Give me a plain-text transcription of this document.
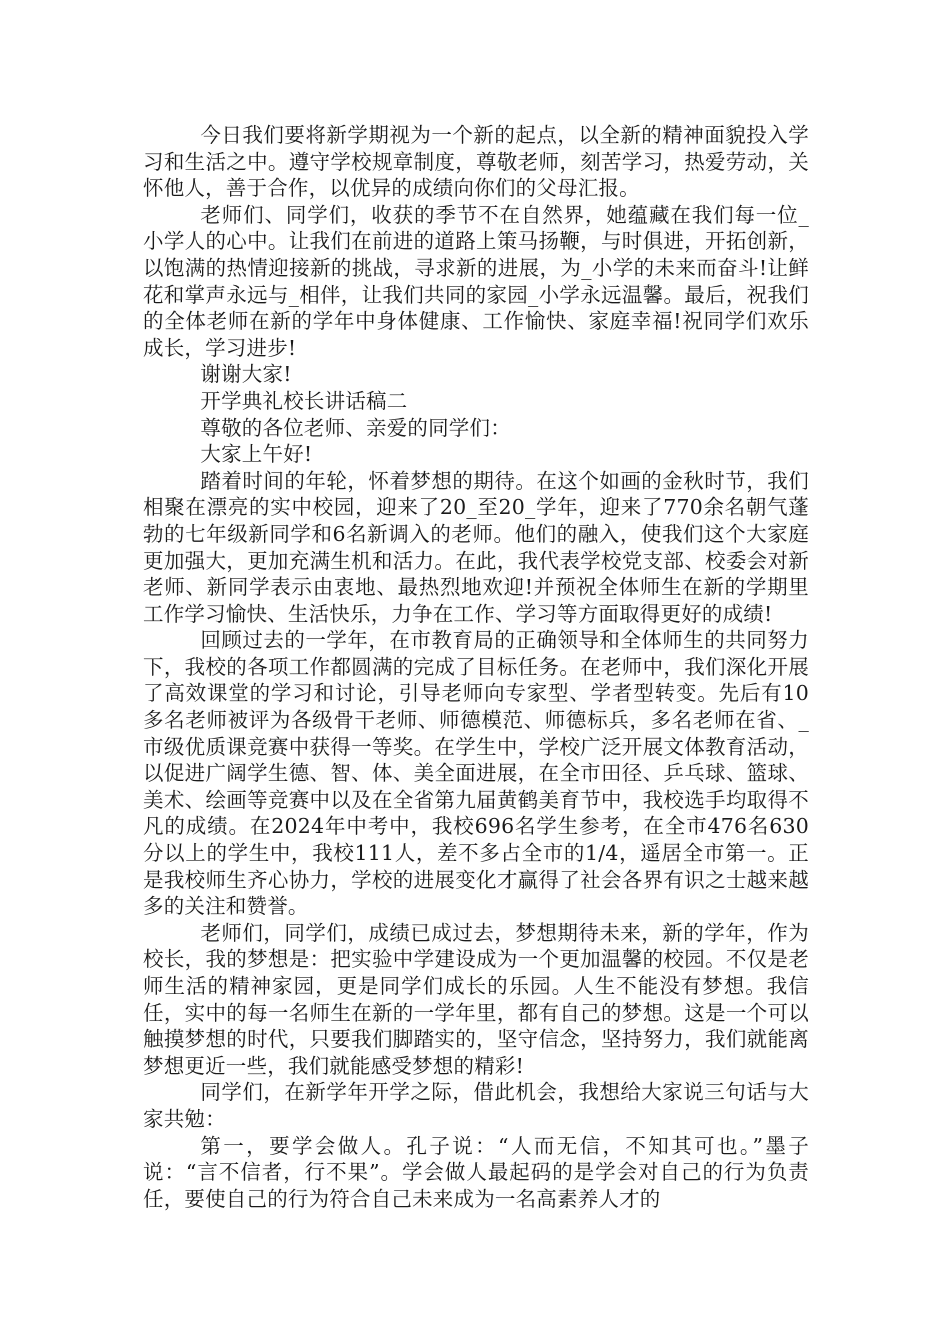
今日我们要将新学期视为一个新的起点，以全新的精神面貌投入学习和生活之中。遵守学校规章制度，尊敬老师，刻苦学习，热爱劳动，关怀他人，善于合作，以优异的成绩向你们的父母汇报。

老师们、同学们，收获的季节不在自然界，她蕴藏在我们每一位_小学人的心中。让我们在前进的道路上策马扬鞭，与时俱进，开拓创新，以饱满的热情迎接新的挑战，寻求新的进展，为_小学的未来而奋斗!让鲜花和掌声永远与_相伴，让我们共同的家园_小学永远温馨。最后，祝我们的全体老师在新的学年中身体健康、工作愉快、家庭幸福!祝同学们欢乐成长，学习进步!

谢谢大家!

开学典礼校长讲话稿二

尊敬的各位老师、亲爱的同学们：

大家上午好!

踏着时间的年轮，怀着梦想的期待。在这个如画的金秋时节，我们相聚在漂亮的实中校园，迎来了20_至20_学年，迎来了770余名朝气蓬勃的七年级新同学和6名新调入的老师。他们的融入，使我们这个大家庭更加强大，更加充满生机和活力。在此，我代表学校党支部、校委会对新老师、新同学表示由衷地、最热烈地欢迎!并预祝全体师生在新的学期里工作学习愉快、生活快乐，力争在工作、学习等方面取得更好的成绩!

回顾过去的一学年，在市教育局的正确领导和全体师生的共同努力下，我校的各项工作都圆满的完成了目标任务。在老师中，我们深化开展了高效课堂的学习和讨论，引导老师向专家型、学者型转变。先后有10多名老师被评为各级骨干老师、师德模范、师德标兵，多名老师在省、_市级优质课竞赛中获得一等奖。在学生中，学校广泛开展文体教育活动，以促进广阔学生德、智、体、美全面进展，在全市田径、乒乓球、篮球、美术、绘画等竞赛中以及在全省第九届黄鹤美育节中，我校选手均取得不凡的成绩。在2024年中考中，我校696名学生参考，在全市476名630分以上的学生中，我校111人，差不多占全市的1/4，遥居全市第一。正是我校师生齐心协力，学校的进展变化才赢得了社会各界有识之士越来越多的关注和赞誉。

老师们，同学们，成绩已成过去，梦想期待未来，新的学年，作为校长，我的梦想是：把实验中学建设成为一个更加温馨的校园。不仅是老师生活的精神家园，更是同学们成长的乐园。人生不能没有梦想。我信任，实中的每一名师生在新的一学年里，都有自己的梦想。这是一个可以触摸梦想的时代，只要我们脚踏实的，坚守信念，坚持努力，我们就能离梦想更近一些，我们就能感受梦想的精彩!

同学们，在新学年开学之际，借此机会，我想给大家说三句话与大家共勉：

第一，要学会做人。孔子说：“人而无信，不知其可也。”墨子说：“言不信者，行不果”。学会做人最起码的是学会对自己的行为负责任，要使自己的行为符合自己未来成为一名高素养人才的
